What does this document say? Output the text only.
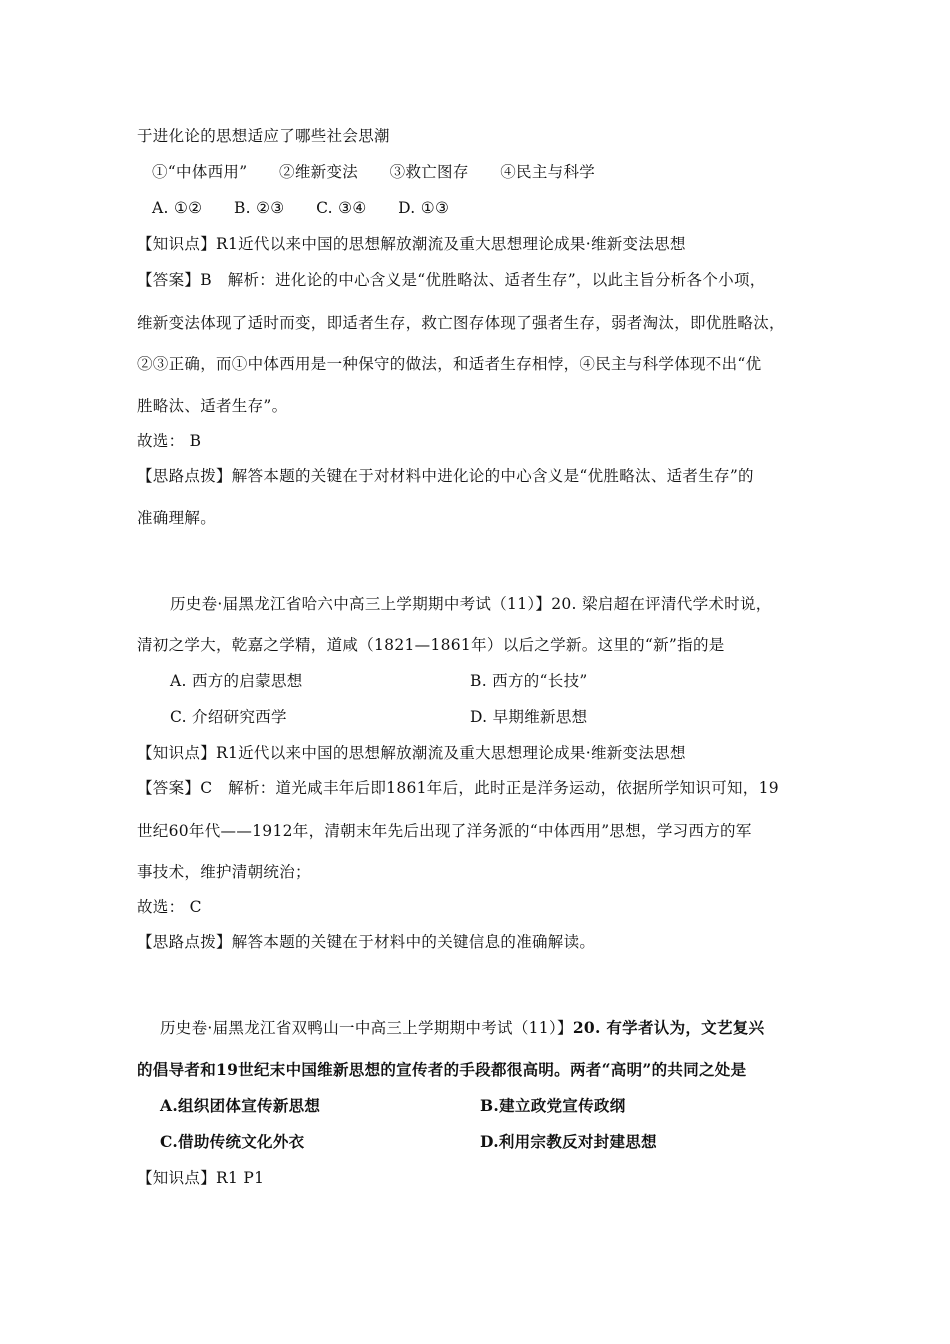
于进化论的思想适应了哪些社会思潮
①“中体西用”　　②维新变法　　③救亡图存　　④民主与科学
A. ①②　　B. ②③　　C. ③④　　D. ①③
【知识点】R1近代以来中国的思想解放潮流及重大思想理论成果·维新变法思想
【答案】B　解析：进化论的中心含义是“优胜略汰、适者生存”，以此主旨分析各个小项，
维新变法体现了适时而变，即适者生存，救亡图存体现了强者生存，弱者淘汰，即优胜略汰，
②③正确，而①中体西用是一种保守的做法，和适者生存相悖，④民主与科学体现不出“优
胜略汰、适者生存”。
故选： B
【思路点拨】解答本题的关键在于对材料中进化论的中心含义是“优胜略汰、适者生存”的
准确理解。
历史卷·届黑龙江省哈六中高三上学期期中考试（11）】20. 梁启超在评清代学术时说，
清初之学大，乾嘉之学精，道咸（1821—1861年）以后之学新。这里的“新”指的是
A. 西方的启蒙思想	B. 西方的“长技”
C. 介绍研究西学	D. 早期维新思想
【知识点】R1近代以来中国的思想解放潮流及重大思想理论成果·维新变法思想
【答案】C　解析：道光咸丰年后即1861年后，此时正是洋务运动，依据所学知识可知，19
世纪60年代——1912年，清朝末年先后出现了洋务派的“中体西用”思想，学习西方的军
事技术，维护清朝统治；
故选： C
【思路点拨】解答本题的关键在于材料中的关键信息的准确解读。
历史卷·届黑龙江省双鸭山一中高三上学期期中考试（11）】20. 有学者认为，文艺复兴
的倡导者和19世纪末中国维新思想的宣传者的手段都很高明。两者“高明”的共同之处是
A.组织团体宣传新思想	B.建立政党宣传政纲
C.借助传统文化外衣	D.利用宗教反对封建思想
【知识点】R1 P1
